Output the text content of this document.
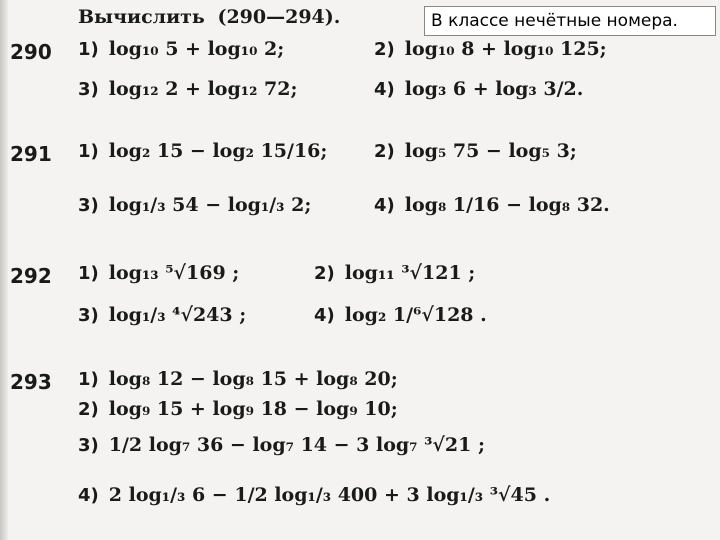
Вычислить (290—294).	В классе нечётные номера.
290 1) log₁₀ 5 + log₁₀ 2;	2) log₁₀ 8 + log₁₀ 125;
3) log₁₂ 2 + log₁₂ 72;	4) log₃ 6 + log₃ 3/2.
291 1) log₂ 15 − log₂ 15/16;	2) log₅ 75 − log₅ 3;
3) log₁/₃ 54 − log₁/₃ 2;	4) log₈ 1/16 − log₈ 32.
292 1) log₁₃ ⁵√169 ;	2) log₁₁ ³√121 ;
3) log₁/₃ ⁴√243 ;	4) log₂ 1/⁶√128 .
293 1) log₈ 12 − log₈ 15 + log₈ 20;
2) log₉ 15 + log₉ 18 − log₉ 10;
3) 1/2 log₇ 36 − log₇ 14 − 3 log₇ ³√21 ;
4) 2 log₁/₃ 6 − 1/2 log₁/₃ 400 + 3 log₁/₃ ³√45 .
